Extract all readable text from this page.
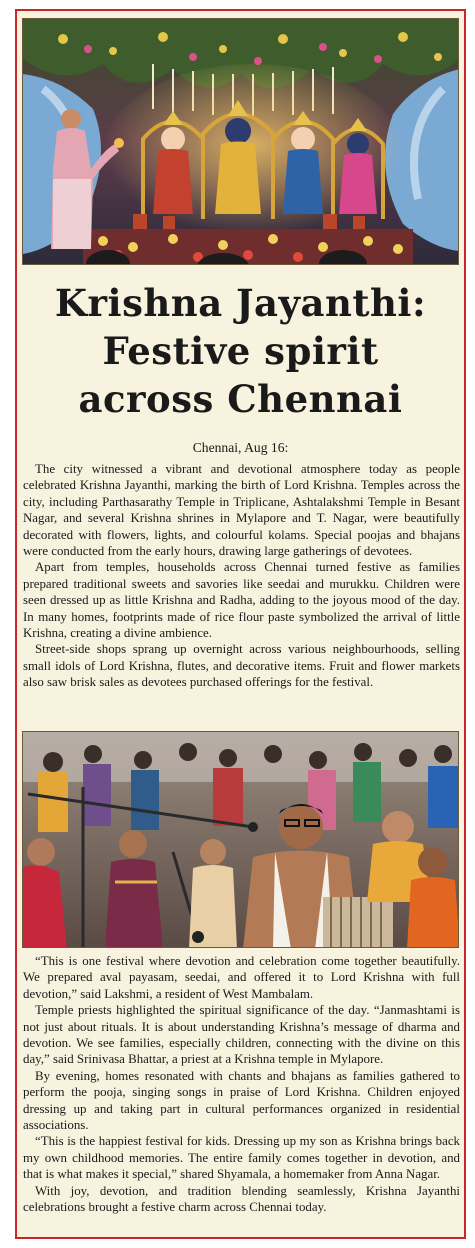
Krishna Jayanthi:
Festive spirit
across Chennai
Chennai, Aug 16:

The city witnessed a vibrant and devotional atmosphere today as people celebrated Krishna Jayanthi, marking the birth of Lord Krishna. Temples across the city, including Parthasarathy Temple in Triplicane, Ashtalakshmi Temple in Besant Nagar, and several Krishna shrines in Mylapore and T. Nagar, were beautifully decorated with flowers, lights, and colourful kolams. Special poojas and bhajans were conducted from the early hours, drawing large gatherings of devotees.

Apart from temples, households across Chennai turned festive as families prepared traditional sweets and savories like seedai and murukku. Children were seen dressed up as little Krishna and Radha, adding to the joyous mood of the day. In many homes, footprints made of rice flour paste symbolized the arrival of little Krishna, creating a divine ambience.

Street-side shops sprang up overnight across various neighbourhoods, selling small idols of Lord Krishna, flutes, and decorative items. Fruit and flower markets also saw brisk sales as devotees purchased offerings for the festival.

“This is one festival where devotion and celebration come together beautifully. We prepared aval payasam, seedai, and offered it to Lord Krishna with full devotion,” said Lakshmi, a resident of West Mambalam.

Temple priests highlighted the spiritual significance of the day. “Janmashtami is not just about rituals. It is about understanding Krishna’s message of dharma and devotion. We see families, especially children, connecting with the divine on this day,” said Srinivasa Bhattar, a priest at a Krishna temple in Mylapore.

By evening, homes resonated with chants and bhajans as families gathered to perform the pooja, singing songs in praise of Lord Krishna. Children enjoyed dressing up and taking part in cultural performances organized in residential associations.

“This is the happiest festival for kids. Dressing up my son as Krishna brings back my own childhood memories. The entire family comes together in devotion, and that is what makes it special,” shared Shyamala, a homemaker from Anna Nagar.

With joy, devotion, and tradition blending seamlessly, Krishna Jayanthi celebrations brought a festive charm across Chennai today.
